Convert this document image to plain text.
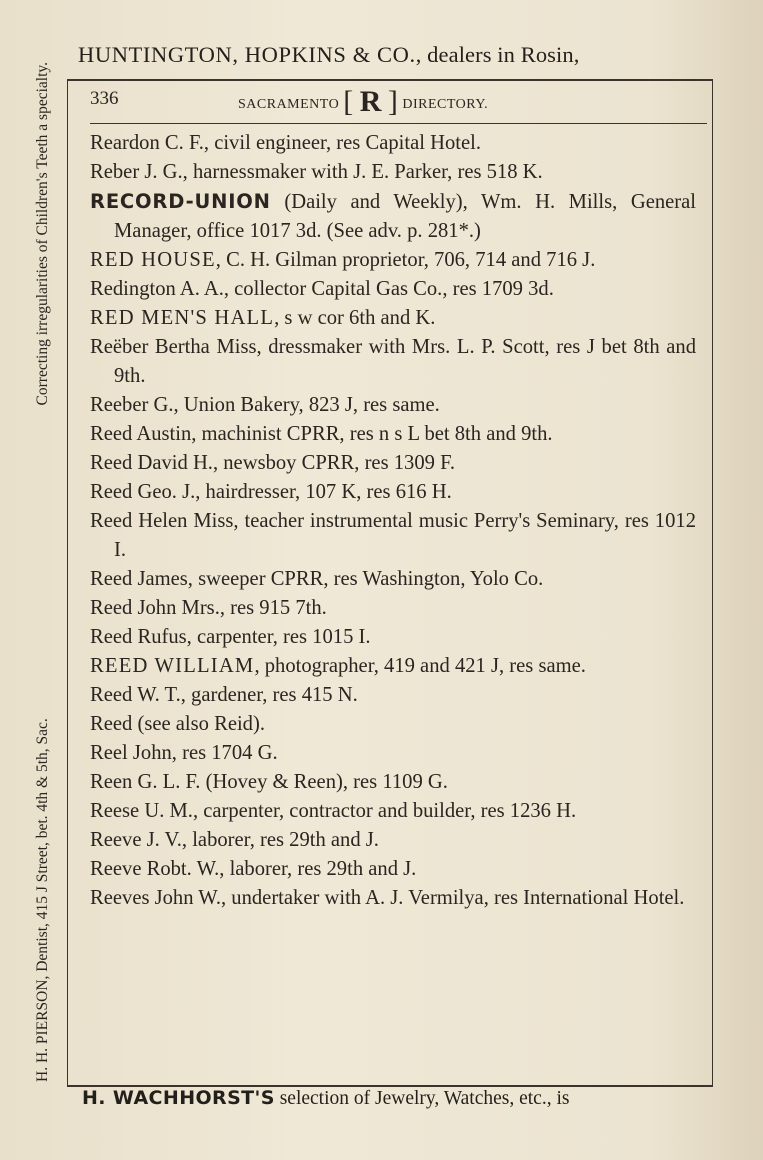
HUNTINGTON, HOPKINS & CO., dealers in Rosin,
H. H. PIERSON, Dentist, 415 J Street, bet. 4th & 5th, Sac.
Correcting irregularities of Children's Teeth a specialty. 336	SACRAMENTO [ R ] DIRECTORY.
Reardon C. F., civil engineer, res Capital Hotel.
Reber J. G., harnessmaker with J. E. Parker, res 518 K.
RECORD-UNION (Daily and Weekly), Wm. H. Mills, General Manager, office 1017 3d. (See adv. p. 281*.)
RED HOUSE, C. H. Gilman proprietor, 706, 714 and 716 J.
Redington A. A., collector Capital Gas Co., res 1709 3d.
RED MEN'S HALL, s w cor 6th and K.
Reëber Bertha Miss, dressmaker with Mrs. L. P. Scott, res J bet 8th and 9th.
Reeber G., Union Bakery, 823 J, res same.
Reed Austin, machinist CPRR, res n s L bet 8th and 9th.
Reed David H., newsboy CPRR, res 1309 F.
Reed Geo. J., hairdresser, 107 K, res 616 H.
Reed Helen Miss, teacher instrumental music Perry's Seminary, res 1012 I.
Reed James, sweeper CPRR, res Washington, Yolo Co.
Reed John Mrs., res 915 7th.
Reed Rufus, carpenter, res 1015 I.
REED WILLIAM, photographer, 419 and 421 J, res same.
Reed W. T., gardener, res 415 N.
Reed (see also Reid).
Reel John, res 1704 G.
Reen G. L. F. (Hovey & Reen), res 1109 G.
Reese U. M., carpenter, contractor and builder, res 1236 H.
Reeve J. V., laborer, res 29th and J.
Reeve Robt. W., laborer, res 29th and J.
Reeves John W., undertaker with A. J. Vermilya, res International Hotel.
H. WACHHORST'S selection of Jewelry, Watches, etc., is
